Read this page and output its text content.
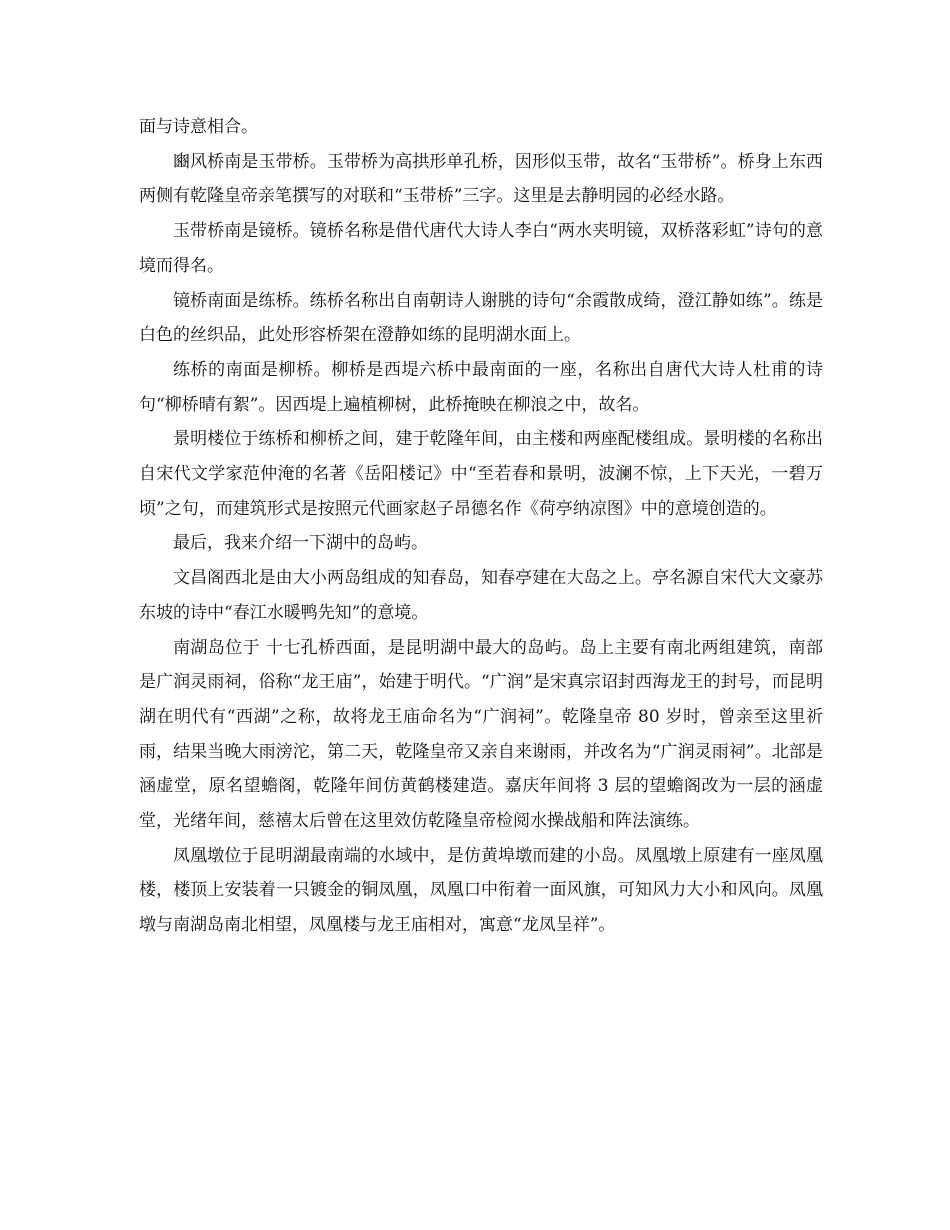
面与诗意相合。

豳风桥南是玉带桥。玉带桥为高拱形单孔桥，因形似玉带，故名“玉带桥”。桥身上东西两侧有乾隆皇帝亲笔撰写的对联和“玉带桥”三字。这里是去静明园的必经水路。

玉带桥南是镜桥。镜桥名称是借代唐代大诗人李白“两水夹明镜，双桥落彩虹”诗句的意境而得名。

镜桥南面是练桥。练桥名称出自南朝诗人谢朓的诗句“余霞散成绮，澄江静如练”。练是白色的丝织品，此处形容桥架在澄静如练的昆明湖水面上。

练桥的南面是柳桥。柳桥是西堤六桥中最南面的一座，名称出自唐代大诗人杜甫的诗句“柳桥晴有絮”。因西堤上遍植柳树，此桥掩映在柳浪之中，故名。

景明楼位于练桥和柳桥之间，建于乾隆年间，由主楼和两座配楼组成。景明楼的名称出自宋代文学家范仲淹的名著《岳阳楼记》中“至若春和景明，波澜不惊，上下天光，一碧万顷”之句，而建筑形式是按照元代画家赵子昂德名作《荷亭纳凉图》中的意境创造的。

最后，我来介绍一下湖中的岛屿。

文昌阁西北是由大小两岛组成的知春岛，知春亭建在大岛之上。亭名源自宋代大文豪苏东坡的诗中“春江水暖鸭先知”的意境。

南湖岛位于 十七孔桥西面，是昆明湖中最大的岛屿。岛上主要有南北两组建筑，南部是广润灵雨祠，俗称“龙王庙”，始建于明代。“广润”是宋真宗诏封西海龙王的封号，而昆明湖在明代有“西湖”之称，故将龙王庙命名为“广润祠”。乾隆皇帝 80 岁时，曾亲至这里祈雨，结果当晚大雨滂沱，第二天，乾隆皇帝又亲自来谢雨，并改名为“广润灵雨祠”。北部是涵虚堂，原名望蟾阁，乾隆年间仿黄鹤楼建造。嘉庆年间将 3 层的望蟾阁改为一层的涵虚堂，光绪年间，慈禧太后曾在这里效仿乾隆皇帝检阅水操战船和阵法演练。

凤凰墩位于昆明湖最南端的水域中，是仿黄埠墩而建的小岛。凤凰墩上原建有一座凤凰楼，楼顶上安装着一只镀金的铜凤凰，凤凰口中衔着一面风旗，可知风力大小和风向。凤凰墩与南湖岛南北相望，凤凰楼与龙王庙相对，寓意“龙凤呈祥”。
